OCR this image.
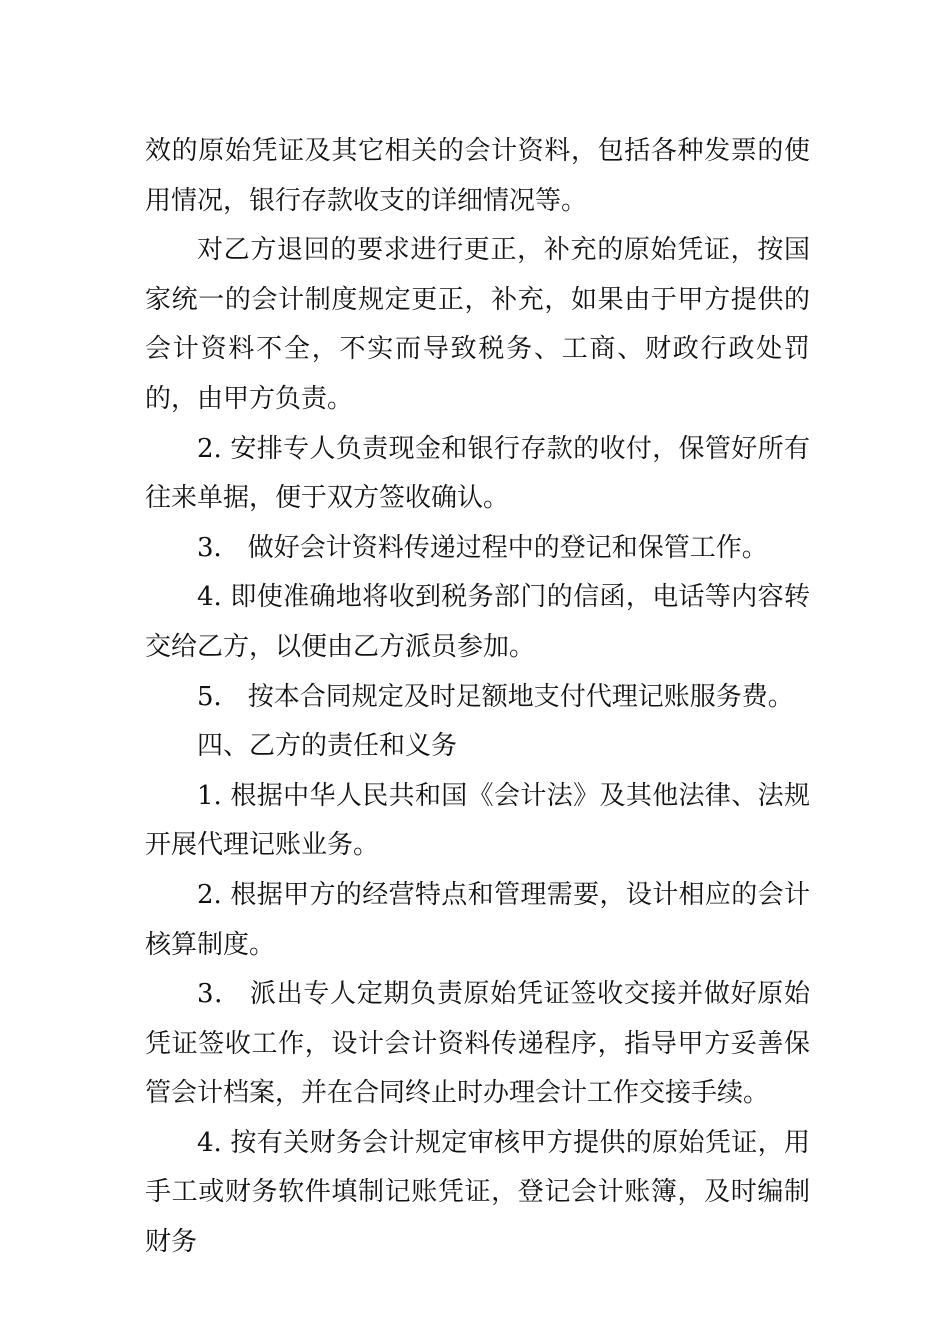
效的原始凭证及其它相关的会计资料，包括各种发票的使用情况，银行存款收支的详细情况等。

对乙方退回的要求进行更正，补充的原始凭证，按国家统一的会计制度规定更正，补充，如果由于甲方提供的会计资料不全，不实而导致税务、工商、财政行政处罚的，由甲方负责。

2. 安排专人负责现金和银行存款的收付，保管好所有往来单据，便于双方签收确认。

3． 做好会计资料传递过程中的登记和保管工作。

4. 即使准确地将收到税务部门的信函，电话等内容转交给乙方，以便由乙方派员参加。

5． 按本合同规定及时足额地支付代理记账服务费。

四、乙方的责任和义务

1. 根据中华人民共和国《会计法》及其他法律、法规开展代理记账业务。

2. 根据甲方的经营特点和管理需要，设计相应的会计核算制度。

3． 派出专人定期负责原始凭证签收交接并做好原始凭证签收工作，设计会计资料传递程序，指导甲方妥善保管会计档案，并在合同终止时办理会计工作交接手续。

4. 按有关财务会计规定审核甲方提供的原始凭证，用手工或财务软件填制记账凭证，登记会计账簿，及时编制财务
